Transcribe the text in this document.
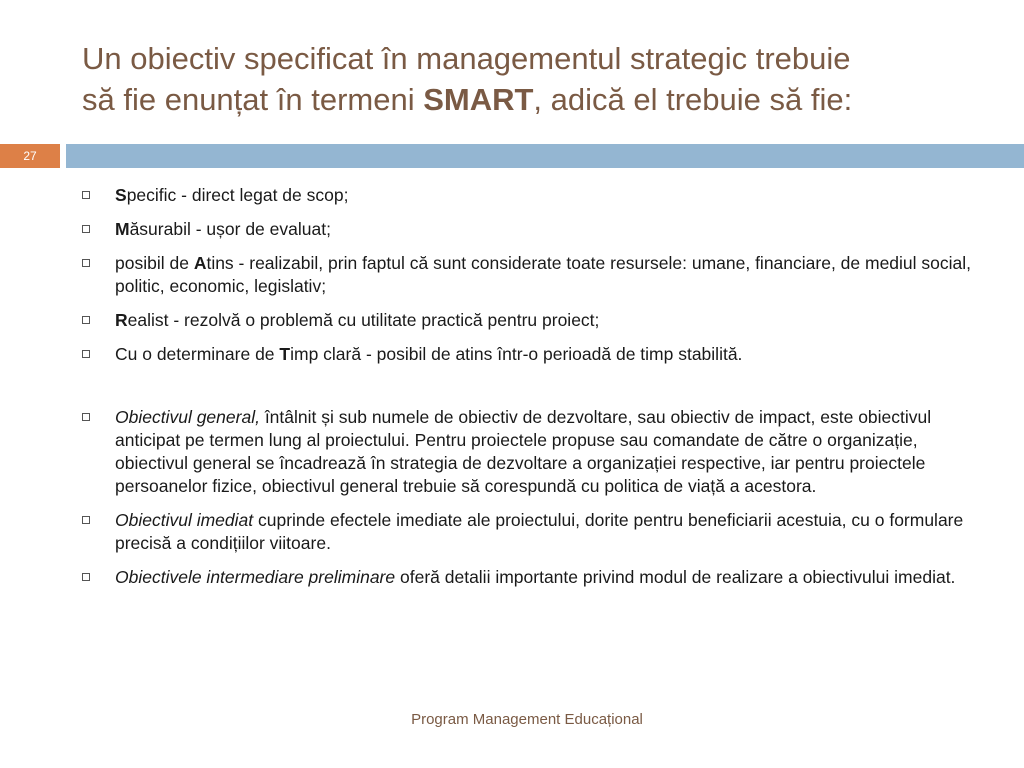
Un obiectiv specificat în managementul strategic trebuie
să fie enunțat în termeni SMART, adică el trebuie să fie:
27
Specific - direct legat de scop;
Măsurabil - ușor de evaluat;
posibil de Atins - realizabil, prin faptul că sunt considerate toate resursele: umane, financiare, de mediul social, politic, economic, legislativ;
Realist - rezolvă o problemă cu utilitate practică pentru proiect;
Cu o determinare de Timp clară - posibil de atins într-o perioadă de timp stabilită.
Obiectivul general, întâlnit și sub numele de obiectiv de dezvoltare, sau obiectiv de impact, este obiectivul anticipat pe termen lung al proiectului. Pentru proiectele propuse sau comandate de către o organizație, obiectivul general se încadrează în strategia de dezvoltare a organizației respective, iar pentru proiectele persoanelor fizice, obiectivul general trebuie să corespundă cu politica de viață a acestora.
Obiectivul imediat cuprinde efectele imediate ale proiectului, dorite pentru beneficiarii acestuia, cu o formulare precisă a condițiilor viitoare.
Obiectivele intermediare preliminare oferă detalii importante privind modul de realizare a obiectivului imediat.
Program Management Educațional
